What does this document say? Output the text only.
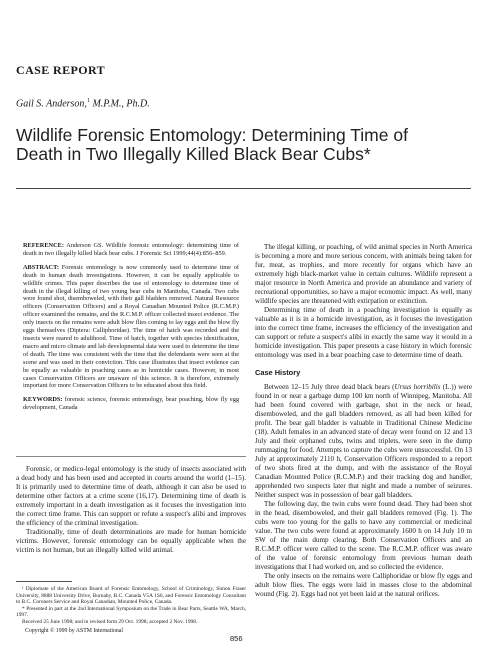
CASE REPORT
Gail S. Anderson,$^1$ M.P.M., Ph.D.
Wildlife Forensic Entomology: Determining Time of Death in Two Illegally Killed Black Bear Cubs*

REFERENCE: Anderson GS. Wildlife forensic entomology: determining time of death in two illegally killed black bear cubs. J Forensic Sci 1999;44(4):856–859.

ABSTRACT: Forensic entomology is now commonly used to determine time of death in human death investigations. However, it can be equally applicable to wildlife crimes. This paper describes the use of entomology to determine time of death in the illegal killing of two young bear cubs in Manitoba, Canada. Two cubs were found shot, disemboweled, with their gall bladders removed. Natural Resource officers (Conservation Officers) and a Royal Canadian Mounted Police (R.C.M.P.) officer examined the remains, and the R.C.M.P. officer collected insect evidence. The only insects on the remains were adult blow flies coming to lay eggs and the blow fly eggs themselves (Diptera: Calliphoridae). The time of hatch was recorded and the insects were reared to adulthood. Time of hatch, together with species identification, macro and micro climate and lab developmental data were used to determine the time of death. The time was consistent with the time that the defendants were seen at the scene and was used in their conviction. This case illustrates that insect evidence can be equally as valuable in poaching cases as in homicide cases. However, in most cases Conservation Officers are unaware of this science. It is therefore, extremely important for more Conservation Officers to be educated about this field.

KEYWORDS: forensic science, forensic entomology, bear poaching, blow fly egg development, Canada

Forensic, or medico-legal entomology is the study of insects associated with a dead body and has been used and accepted in courts around the world (1–15). It is primarily used to determine time of death, although it can also be used to determine other factors at a crime scene (16,17). Determining time of death is extremely important in a death investigation as it focuses the investigation into the correct time frame. This can support or refute a suspect's alibi and improves the efficiency of the criminal investigation.

Traditionally, time of death determinations are made for human homicide victims. However, forensic entomology can be equally applicable when the victim is not human, but an illegally killed wild animal.

¹ Diplomate of the American Board of Forensic Entomology, School of Criminology, Simon Fraser University, 8888 University Drive, Burnaby, B.C. Canada V5A 1S6, and Forensic Entomology Consultant to B.C. Coroners Service and Royal Canadian, Mounted Police, Canada.

* Presented in part at the 2nd International Symposium on the Trade in Bear Parts, Seattle WA, March, 1997.

Received 25 June 1998; and in revised form 29 Oct. 1998; accepted 2 Nov. 1998.

Copyright © 1999 by ASTM International
856

The illegal killing, or poaching, of wild animal species in North America is becoming a more and more serious concern, with animals being taken for fur, meat, as trophies, and more recently for organs which have an extremely high black-market value in certain cultures. Wildlife represent a major resource in North America and provide an abundance and variety of recreational opportunities, so have a major economic impact. As well, many wildlife species are threatened with extirpation or extinction.

Determining time of death in a poaching investigation is equally as valuable as it is in a homicide investigation, as it focuses the investigation into the correct time frame, increases the efficiency of the investigation and can support or refute a suspect's alibi in exactly the same way it would in a homicide investigation. This paper presents a case history in which forensic entomology was used in a bear poaching case to determine time of death.

Case History

Between 12–15 July three dead black bears (Ursus horribilis (L.)) were found in or near a garbage dump 100 km north of Winnipeg, Manitoba. All had been found covered with garbage, shot in the neck or head, disemboweled, and the gall bladders removed, as all had been killed for profit. The bear gall bladder is valuable in Traditional Chinese Medicine (18). Adult females in an advanced state of decay were found on 12 and 13 July and their orphaned cubs, twins and triplets, were seen in the dump rummaging for food. Attempts to capture the cubs were unsuccessful. On 13 July at approximately 2110 h, Conservation Officers responded to a report of two shots fired at the dump, and with the assistance of the Royal Canadian Mounted Police (R.C.M.P.) and their tracking dog and handler, apprehended two suspects later that night and made a number of seizures. Neither suspect was in possession of bear gall bladders.

The following day, the twin cubs were found dead. They had been shot in the head, disemboweled, and their gall bladders removed (Fig. 1). The cubs were too young for the galls to have any commercial or medicinal value. The two cubs were found at approximately 1600 h on 14 July 10 m SW of the main dump clearing. Both Conservation Officers and an R.C.M.P. officer were called to the scene. The R.C.M.P. officer was aware of the value of forensic entomology from previous human death investigations that I had worked on, and so collected the evidence.

The only insects on the remains were Calliphoridae or blow fly eggs and adult blow flies. The eggs were laid in masses close to the abdominal wound (Fig. 2). Eggs had not yet been laid at the natural orifices.
